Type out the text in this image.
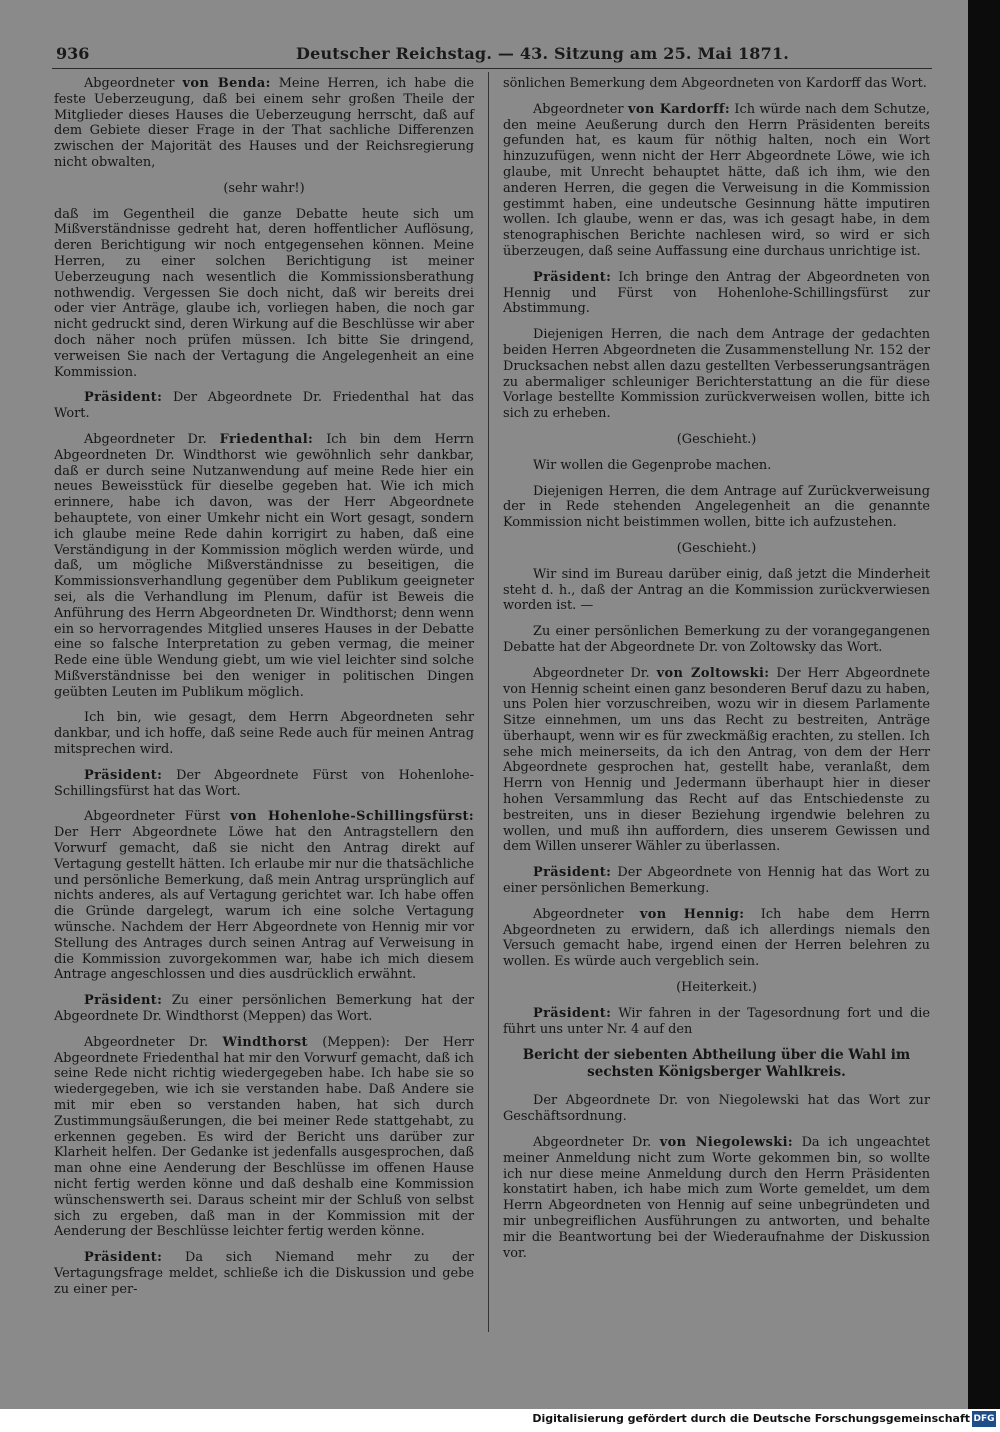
936	Deutscher Reichstag. — 43. Sitzung am 25. Mai 1871.

Abgeordneter von Benda: Meine Herren, ich habe die feste Ueberzeugung, daß bei einem sehr großen Theile der Mitglieder dieses Hauses die Ueberzeugung herrscht, daß auf dem Gebiete dieser Frage in der That sachliche Differenzen zwischen der Majorität des Hauses und der Reichsregierung nicht obwalten,

(sehr wahr!)

daß im Gegentheil die ganze Debatte heute sich um Mißverständnisse gedreht hat, deren hoffentlicher Auflösung, deren Berichtigung wir noch entgegensehen können. Meine Herren, zu einer solchen Berichtigung ist meiner Ueberzeugung nach wesentlich die Kommissionsberathung nothwendig. Vergessen Sie doch nicht, daß wir bereits drei oder vier Anträge, glaube ich, vorliegen haben, die noch gar nicht gedruckt sind, deren Wirkung auf die Beschlüsse wir aber doch näher noch prüfen müssen. Ich bitte Sie dringend, verweisen Sie nach der Vertagung die Angelegenheit an eine Kommission.

Präsident: Der Abgeordnete Dr. Friedenthal hat das Wort.

Abgeordneter Dr. Friedenthal: Ich bin dem Herrn Abgeordneten Dr. Windthorst wie gewöhnlich sehr dankbar, daß er durch seine Nutzanwendung auf meine Rede hier ein neues Beweisstück für dieselbe gegeben hat. Wie ich mich erinnere, habe ich davon, was der Herr Abgeordnete behauptete, von einer Umkehr nicht ein Wort gesagt, sondern ich glaube meine Rede dahin korrigirt zu haben, daß eine Verständigung in der Kommission möglich werden würde, und daß, um mögliche Mißverständnisse zu beseitigen, die Kommissionsverhandlung gegenüber dem Publikum geeigneter sei, als die Verhandlung im Plenum, dafür ist Beweis die Anführung des Herrn Abgeordneten Dr. Windthorst; denn wenn ein so hervorragendes Mitglied unseres Hauses in der Debatte eine so falsche Interpretation zu geben vermag, die meiner Rede eine üble Wendung giebt, um wie viel leichter sind solche Mißverständnisse bei den weniger in politischen Dingen geübten Leuten im Publikum möglich.

Ich bin, wie gesagt, dem Herrn Abgeordneten sehr dankbar, und ich hoffe, daß seine Rede auch für meinen Antrag mitsprechen wird.

Präsident: Der Abgeordnete Fürst von Hohenlohe-Schillingsfürst hat das Wort.

Abgeordneter Fürst von Hohenlohe-Schillingsfürst: Der Herr Abgeordnete Löwe hat den Antragstellern den Vorwurf gemacht, daß sie nicht den Antrag direkt auf Vertagung gestellt hätten. Ich erlaube mir nur die thatsächliche und persönliche Bemerkung, daß mein Antrag ursprünglich auf nichts anderes, als auf Vertagung gerichtet war. Ich habe offen die Gründe dargelegt, warum ich eine solche Vertagung wünsche. Nachdem der Herr Abgeordnete von Hennig mir vor Stellung des Antrages durch seinen Antrag auf Verweisung in die Kommission zuvorgekommen war, habe ich mich diesem Antrage angeschlossen und dies ausdrücklich erwähnt.

Präsident: Zu einer persönlichen Bemerkung hat der Abgeordnete Dr. Windthorst (Meppen) das Wort.

Abgeordneter Dr. Windthorst (Meppen): Der Herr Abgeordnete Friedenthal hat mir den Vorwurf gemacht, daß ich seine Rede nicht richtig wiedergegeben habe. Ich habe sie so wiedergegeben, wie ich sie verstanden habe. Daß Andere sie mit mir eben so verstanden haben, hat sich durch Zustimmungsäußerungen, die bei meiner Rede stattgehabt, zu erkennen gegeben. Es wird der Bericht uns darüber zur Klarheit helfen. Der Gedanke ist jedenfalls ausgesprochen, daß man ohne eine Aenderung der Beschlüsse im offenen Hause nicht fertig werden könne und daß deshalb eine Kommission wünschenswerth sei. Daraus scheint mir der Schluß von selbst sich zu ergeben, daß man in der Kommission mit der Aenderung der Beschlüsse leichter fertig werden könne.

Präsident: Da sich Niemand mehr zu der Vertagungsfrage meldet, schließe ich die Diskussion und gebe zu einer per-

sönlichen Bemerkung dem Abgeordneten von Kardorff das Wort.

Abgeordneter von Kardorff: Ich würde nach dem Schutze, den meine Aeußerung durch den Herrn Präsidenten bereits gefunden hat, es kaum für nöthig halten, noch ein Wort hinzuzufügen, wenn nicht der Herr Abgeordnete Löwe, wie ich glaube, mit Unrecht behauptet hätte, daß ich ihm, wie den anderen Herren, die gegen die Verweisung in die Kommission gestimmt haben, eine undeutsche Gesinnung hätte imputiren wollen. Ich glaube, wenn er das, was ich gesagt habe, in dem stenographischen Berichte nachlesen wird, so wird er sich überzeugen, daß seine Auffassung eine durchaus unrichtige ist.

Präsident: Ich bringe den Antrag der Abgeordneten von Hennig und Fürst von Hohenlohe-Schillingsfürst zur Abstimmung.

Diejenigen Herren, die nach dem Antrage der gedachten beiden Herren Abgeordneten die Zusammenstellung Nr. 152 der Drucksachen nebst allen dazu gestellten Verbesserungsanträgen zu abermaliger schleuniger Berichterstattung an die für diese Vorlage bestellte Kommission zurückverweisen wollen, bitte ich sich zu erheben.

(Geschieht.)

Wir wollen die Gegenprobe machen.

Diejenigen Herren, die dem Antrage auf Zurückverweisung der in Rede stehenden Angelegenheit an die genannte Kommission nicht beistimmen wollen, bitte ich aufzustehen.

(Geschieht.)

Wir sind im Bureau darüber einig, daß jetzt die Minderheit steht d. h., daß der Antrag an die Kommission zurückverwiesen worden ist. —

Zu einer persönlichen Bemerkung zu der vorangegangenen Debatte hat der Abgeordnete Dr. von Zoltowsky das Wort.

Abgeordneter Dr. von Zoltowski: Der Herr Abgeordnete von Hennig scheint einen ganz besonderen Beruf dazu zu haben, uns Polen hier vorzuschreiben, wozu wir in diesem Parlamente Sitze einnehmen, um uns das Recht zu bestreiten, Anträge überhaupt, wenn wir es für zweckmäßig erachten, zu stellen. Ich sehe mich meinerseits, da ich den Antrag, von dem der Herr Abgeordnete gesprochen hat, gestellt habe, veranlaßt, dem Herrn von Hennig und Jedermann überhaupt hier in dieser hohen Versammlung das Recht auf das Entschiedenste zu bestreiten, uns in dieser Beziehung irgendwie belehren zu wollen, und muß ihn auffordern, dies unserem Gewissen und dem Willen unserer Wähler zu überlassen.

Präsident: Der Abgeordnete von Hennig hat das Wort zu einer persönlichen Bemerkung.

Abgeordneter von Hennig: Ich habe dem Herrn Abgeordneten zu erwidern, daß ich allerdings niemals den Versuch gemacht habe, irgend einen der Herren belehren zu wollen. Es würde auch vergeblich sein.

(Heiterkeit.)

Präsident: Wir fahren in der Tagesordnung fort und die führt uns unter Nr. 4 auf den

Bericht der siebenten Abtheilung über die Wahl im sechsten Königsberger Wahlkreis.

Der Abgeordnete Dr. von Niegolewski hat das Wort zur Geschäftsordnung.

Abgeordneter Dr. von Niegolewski: Da ich ungeachtet meiner Anmeldung nicht zum Worte gekommen bin, so wollte ich nur diese meine Anmeldung durch den Herrn Präsidenten konstatirt haben, ich habe mich zum Worte gemeldet, um dem Herrn Abgeordneten von Hennig auf seine unbegründeten und mir unbegreiflichen Ausführungen zu antworten, und behalte mir die Beantwortung bei der Wiederaufnahme der Diskussion vor.

Digitalisierung gefördert durch die Deutsche Forschungsgemeinschaft DFG
